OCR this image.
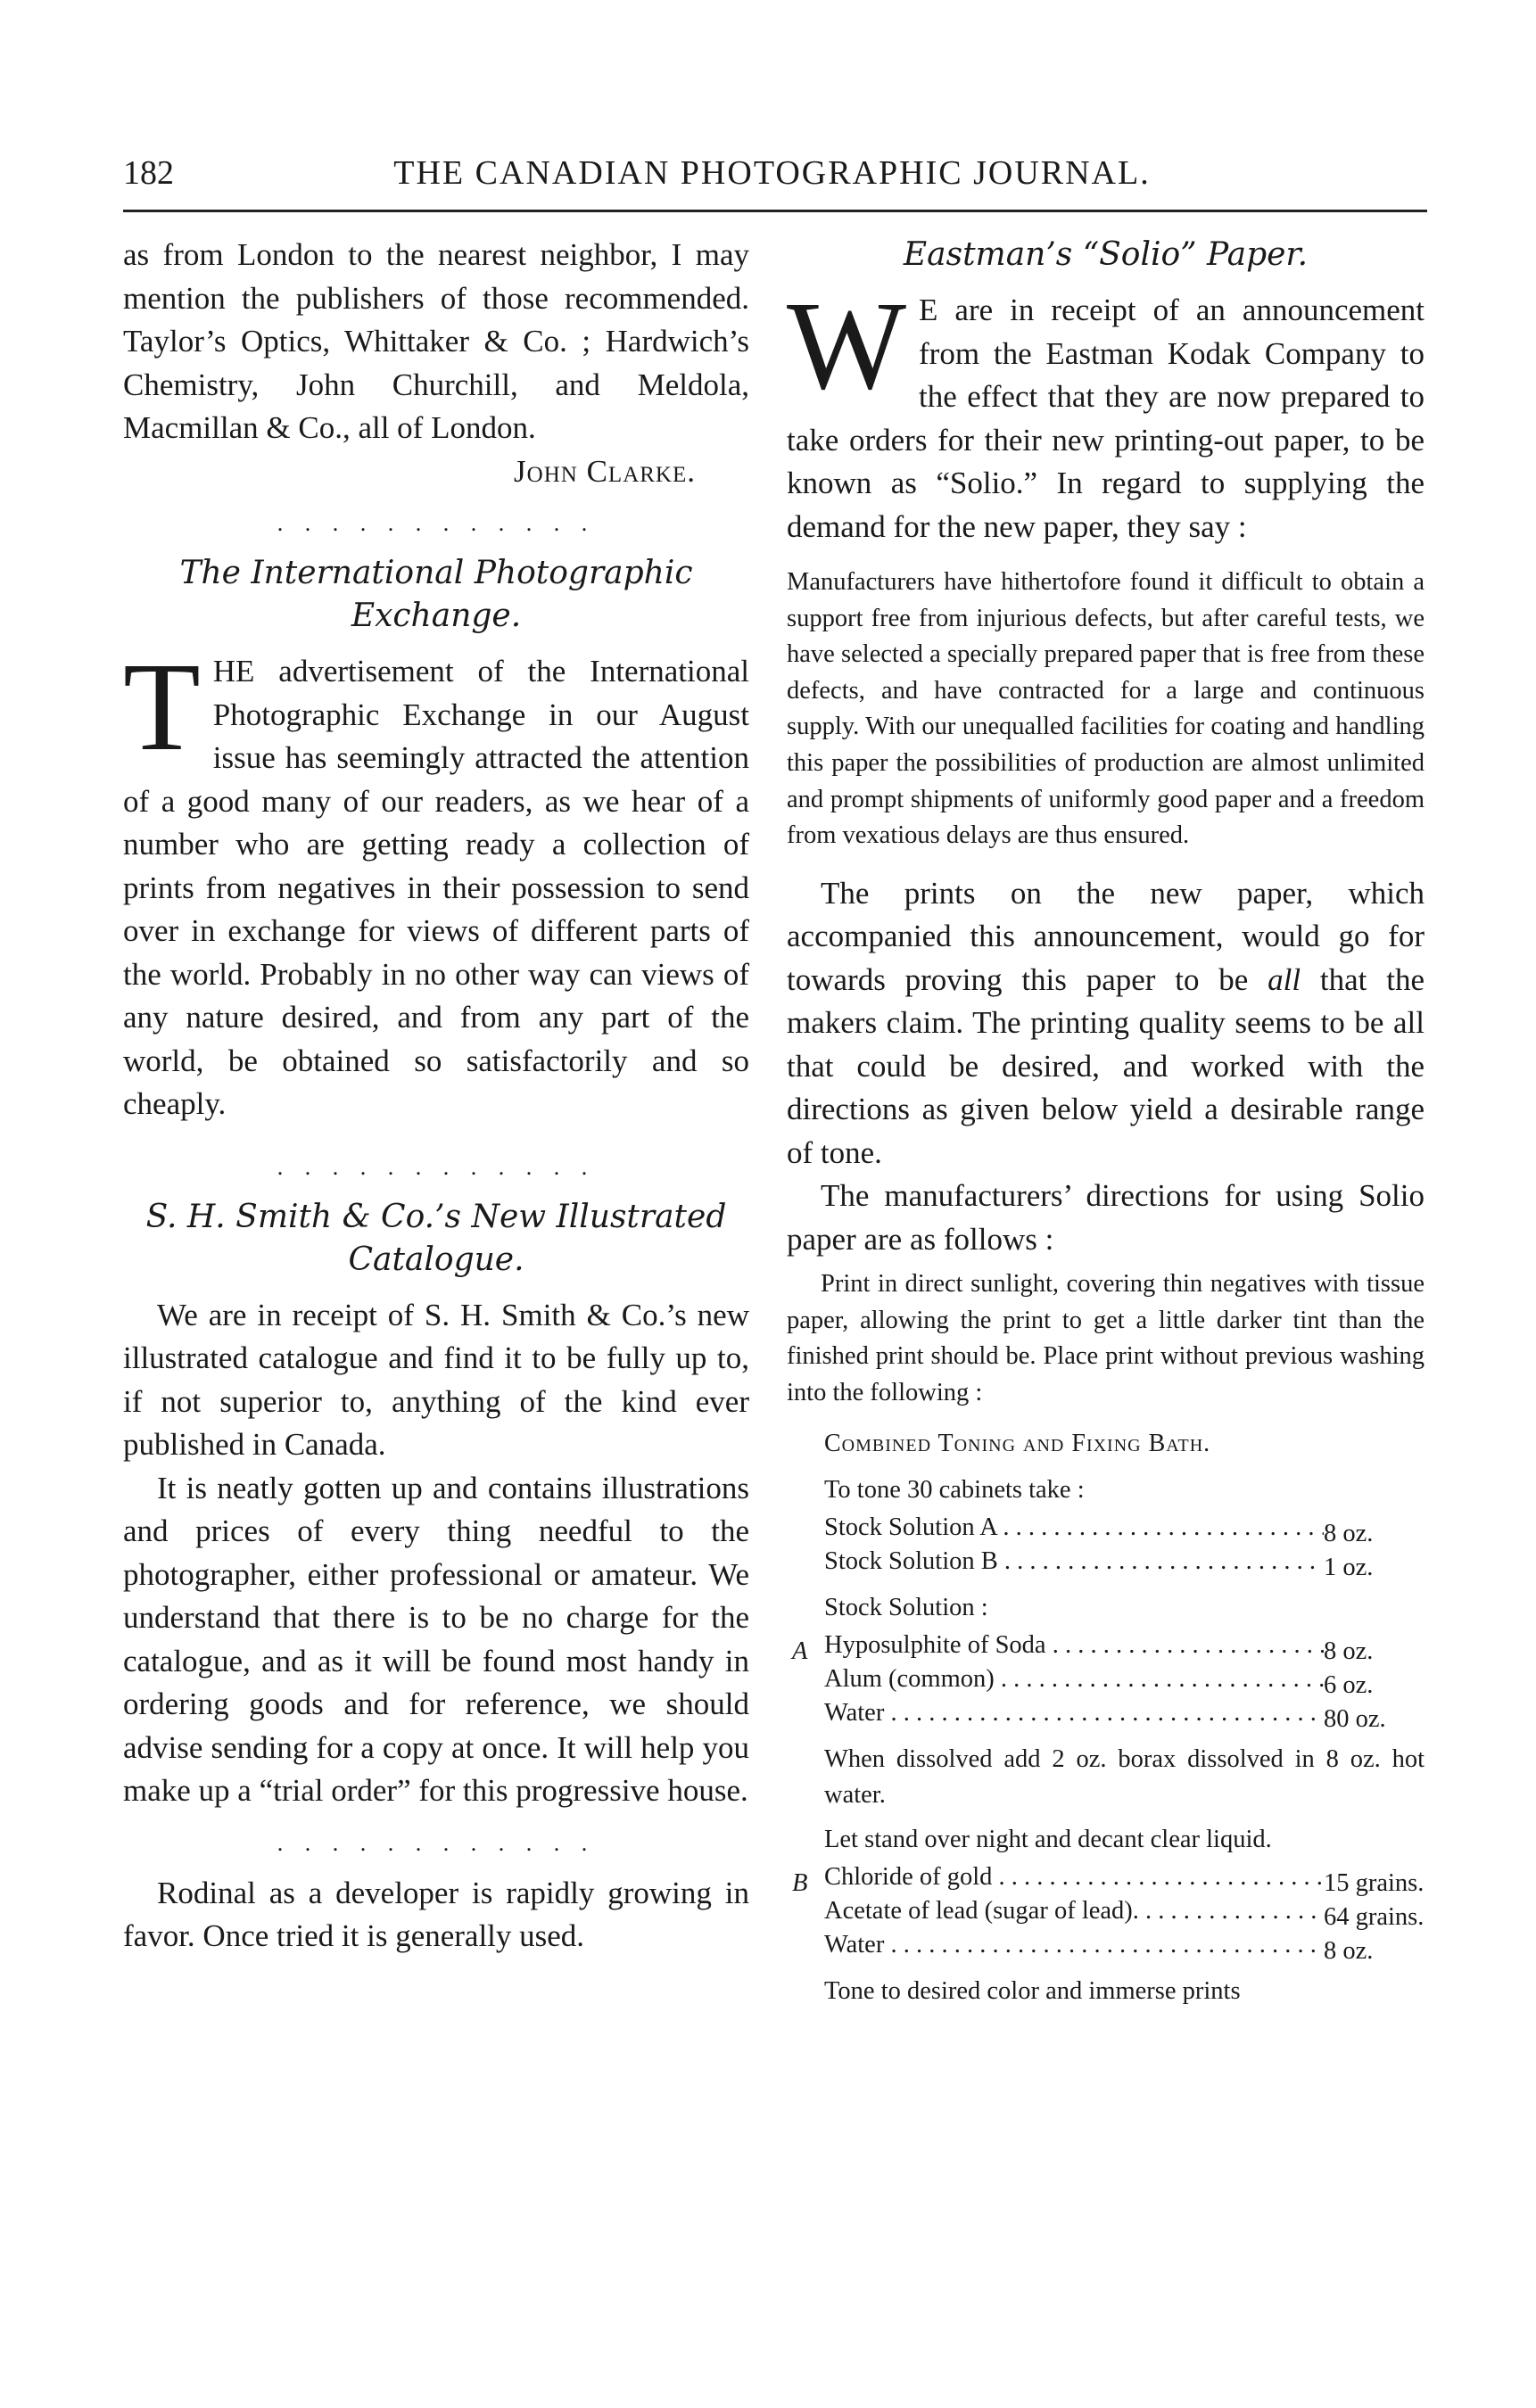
182	THE CANADIAN PHOTOGRAPHIC JOURNAL.

as from London to the nearest neighbor, I may mention the publishers of those recommended. Taylor’s Optics, Whittaker & Co. ; Hardwich’s Chemistry, John Churchill, and Meldola, Macmillan & Co., all of London.

John Clarke.

. . . . . . . . . . . .
The International Photographic Exchange.

THE advertisement of the International Photographic Exchange in our August issue has seemingly attracted the attention of a good many of our readers, as we hear of a number who are getting ready a collection of prints from negatives in their possession to send over in exchange for views of different parts of the world. Probably in no other way can views of any nature desired, and from any part of the world, be obtained so satisfactorily and so cheaply.

. . . . . . . . . . . .
S. H. Smith & Co.’s New Illustrated Catalogue.

We are in receipt of S. H. Smith & Co.’s new illustrated catalogue and find it to be fully up to, if not superior to, anything of the kind ever published in Canada.

It is neatly gotten up and contains illustrations and prices of every thing needful to the photographer, either professional or amateur. We understand that there is to be no charge for the catalogue, and as it will be found most handy in ordering goods and for reference, we should advise sending for a copy at once. It will help you make up a “trial order” for this progressive house.

. . . . . . . . . . . .

Rodinal as a developer is rapidly growing in favor. Once tried it is generally used.

Eastman’s “Solio” Paper.

W E are in receipt of an announcement from the Eastman Kodak Company to the effect that they are now prepared to take orders for their new printing-out paper, to be known as “Solio.” In regard to supplying the demand for the new paper, they say :

Manufacturers have hithertofore found it difficult to obtain a support free from injurious defects, but after careful tests, we have selected a specially prepared paper that is free from these defects, and have contracted for a large and continuous supply. With our unequalled facilities for coating and handling this paper the possibilities of production are almost unlimited and prompt shipments of uniformly good paper and a freedom from vexatious delays are thus ensured.

The prints on the new paper, which accompanied this announcement, would go for towards proving this paper to be all that the makers claim. The printing quality seems to be all that could be desired, and worked with the directions as given below yield a desirable range of tone.

The manufacturers’ directions for using Solio paper are as follows :

Print in direct sunlight, covering thin negatives with tissue paper, allowing the print to get a little darker tint than the finished print should be. Place print without previous washing into the following :

Combined Toning and Fixing Bath.
To tone 30 cabinets take :
Stock Solution A . . .	8 oz.
Stock Solution B . . .	1 oz.
Stock Solution :
A Hyposulphite of Soda . . .	8 oz.
Alum (common) . . .	6 oz.
Water . . .	80 oz.
When dissolved add 2 oz. borax dissolved in 8 oz. hot water.
Let stand over night and decant clear liquid.
B Chloride of gold . . .	15 grains.
Acetate of lead (sugar of lead). . . .	64 grains.
Water . . .	8 oz.
Tone to desired color and immerse prints
